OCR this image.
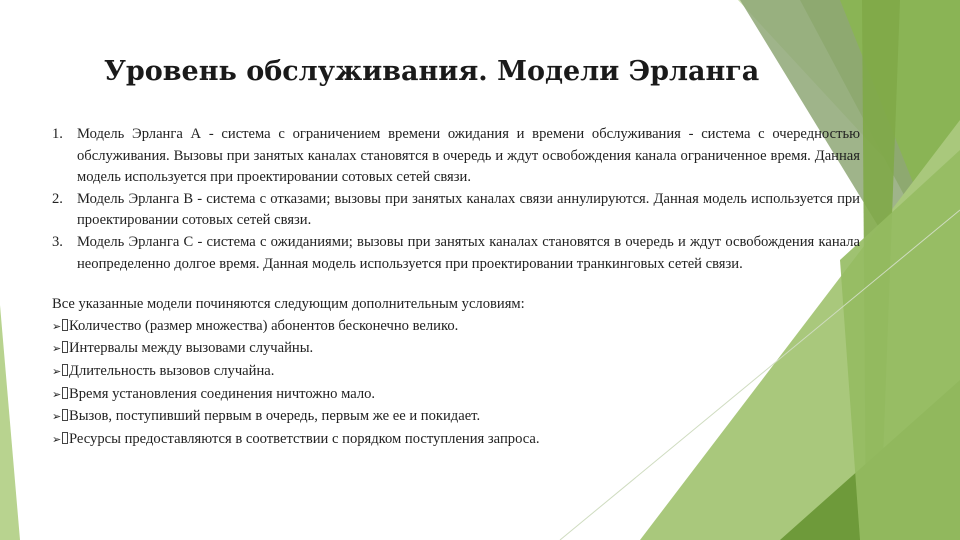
Уровень обслуживания. Модели Эрланга
1. Модель Эрланга А - система с ограничением времени ожидания и времени обслуживания - система с очередностью обслуживания. Вызовы при занятых каналах становятся в очередь и ждут освобождения канала ограниченное время. Данная модель используется при проектировании сотовых сетей связи.
2. Модель Эрланга В - система с отказами; вызовы при занятых каналах связи аннулируются. Данная модель используется при проектировании сотовых сетей связи.
3. Модель Эрланга С - система с ожиданиями; вызовы при занятых каналах становятся в очередь и ждут освобождения канала неопределенно долгое время. Данная модель используется при проектировании транкинговых сетей связи.

Все указанные модели починяются следующим дополнительным условиям:

➢ Количество (размер множества) абонентов бесконечно велико.
➢ Интервалы между вызовами случайны.
➢ Длительность вызовов случайна.
➢ Время установления соединения ничтожно мало.
➢ Вызов, поступивший первым в очередь, первым же ее и покидает.
➢ Ресурсы предоставляются в соответствии с порядком поступления запроса.
